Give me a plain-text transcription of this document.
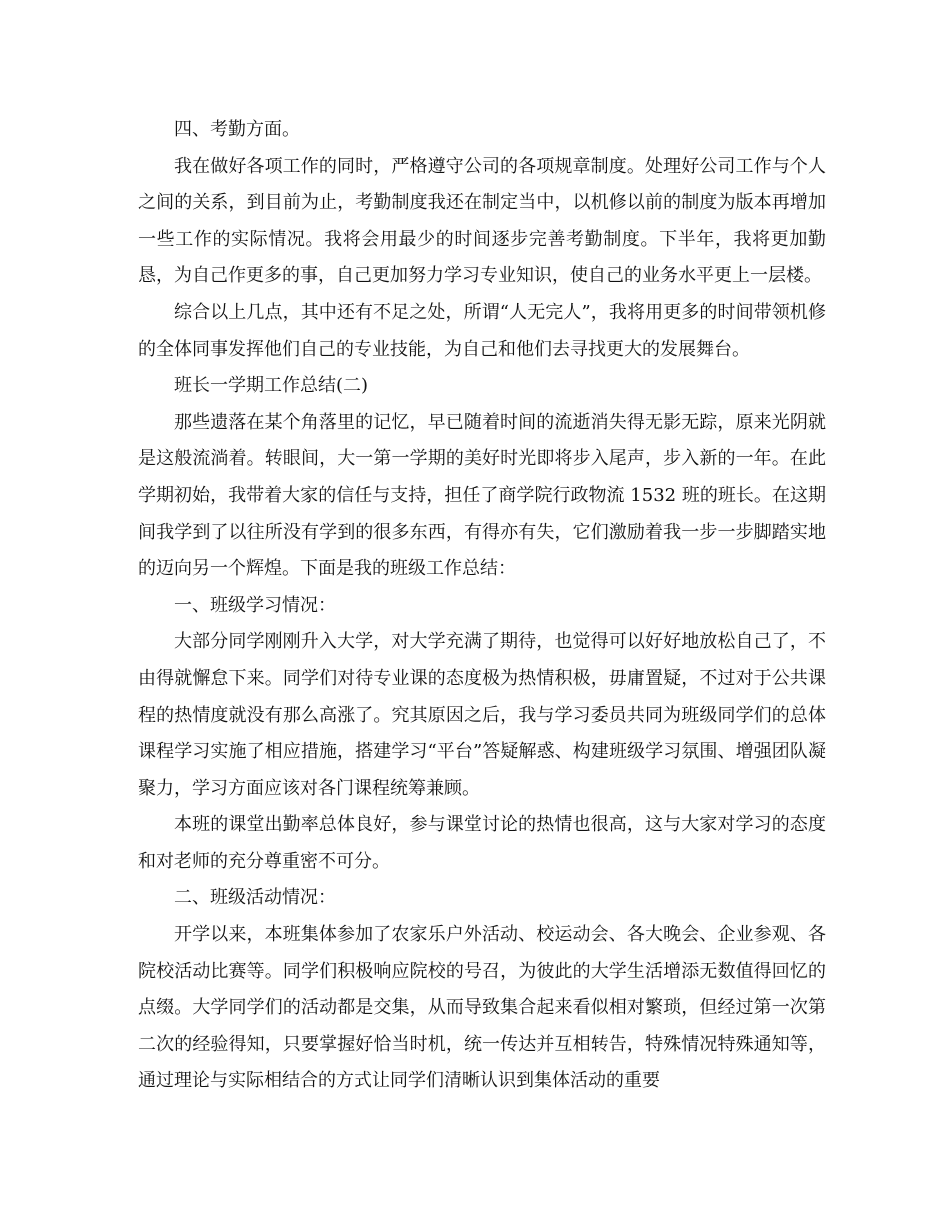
四、考勤方面。

我在做好各项工作的同时，严格遵守公司的各项规章制度。处理好公司工作与个人之间的关系，到目前为止，考勤制度我还在制定当中，以机修以前的制度为版本再增加一些工作的实际情况。我将会用最少的时间逐步完善考勤制度。下半年，我将更加勤恳，为自己作更多的事，自己更加努力学习专业知识，使自己的业务水平更上一层楼。

综合以上几点，其中还有不足之处，所谓“人无完人”，我将用更多的时间带领机修的全体同事发挥他们自己的专业技能，为自己和他们去寻找更大的发展舞台。

班长一学期工作总结(二)

那些遗落在某个角落里的记忆，早已随着时间的流逝消失得无影无踪，原来光阴就是这般流淌着。转眼间，大一第一学期的美好时光即将步入尾声，步入新的一年。在此学期初始，我带着大家的信任与支持，担任了商学院行政物流 1532 班的班长。在这期间我学到了以往所没有学到的很多东西，有得亦有失，它们激励着我一步一步脚踏实地的迈向另一个辉煌。下面是我的班级工作总结：

一、班级学习情况：

大部分同学刚刚升入大学，对大学充满了期待，也觉得可以好好地放松自己了，不由得就懈怠下来。同学们对待专业课的态度极为热情积极，毋庸置疑，不过对于公共课程的热情度就没有那么高涨了。究其原因之后，我与学习委员共同为班级同学们的总体课程学习实施了相应措施，搭建学习“平台”答疑解惑、构建班级学习氛围、增强团队凝聚力，学习方面应该对各门课程统筹兼顾。

本班的课堂出勤率总体良好，参与课堂讨论的热情也很高，这与大家对学习的态度和对老师的充分尊重密不可分。

二、班级活动情况：

开学以来，本班集体参加了农家乐户外活动、校运动会、各大晚会、企业参观、各院校活动比赛等。同学们积极响应院校的号召，为彼此的大学生活增添无数值得回忆的点缀。大学同学们的活动都是交集，从而导致集合起来看似相对繁琐，但经过第一次第二次的经验得知，只要掌握好恰当时机，统一传达并互相转告，特殊情况特殊通知等，通过理论与实际相结合的方式让同学们清晰认识到集体活动的重要
